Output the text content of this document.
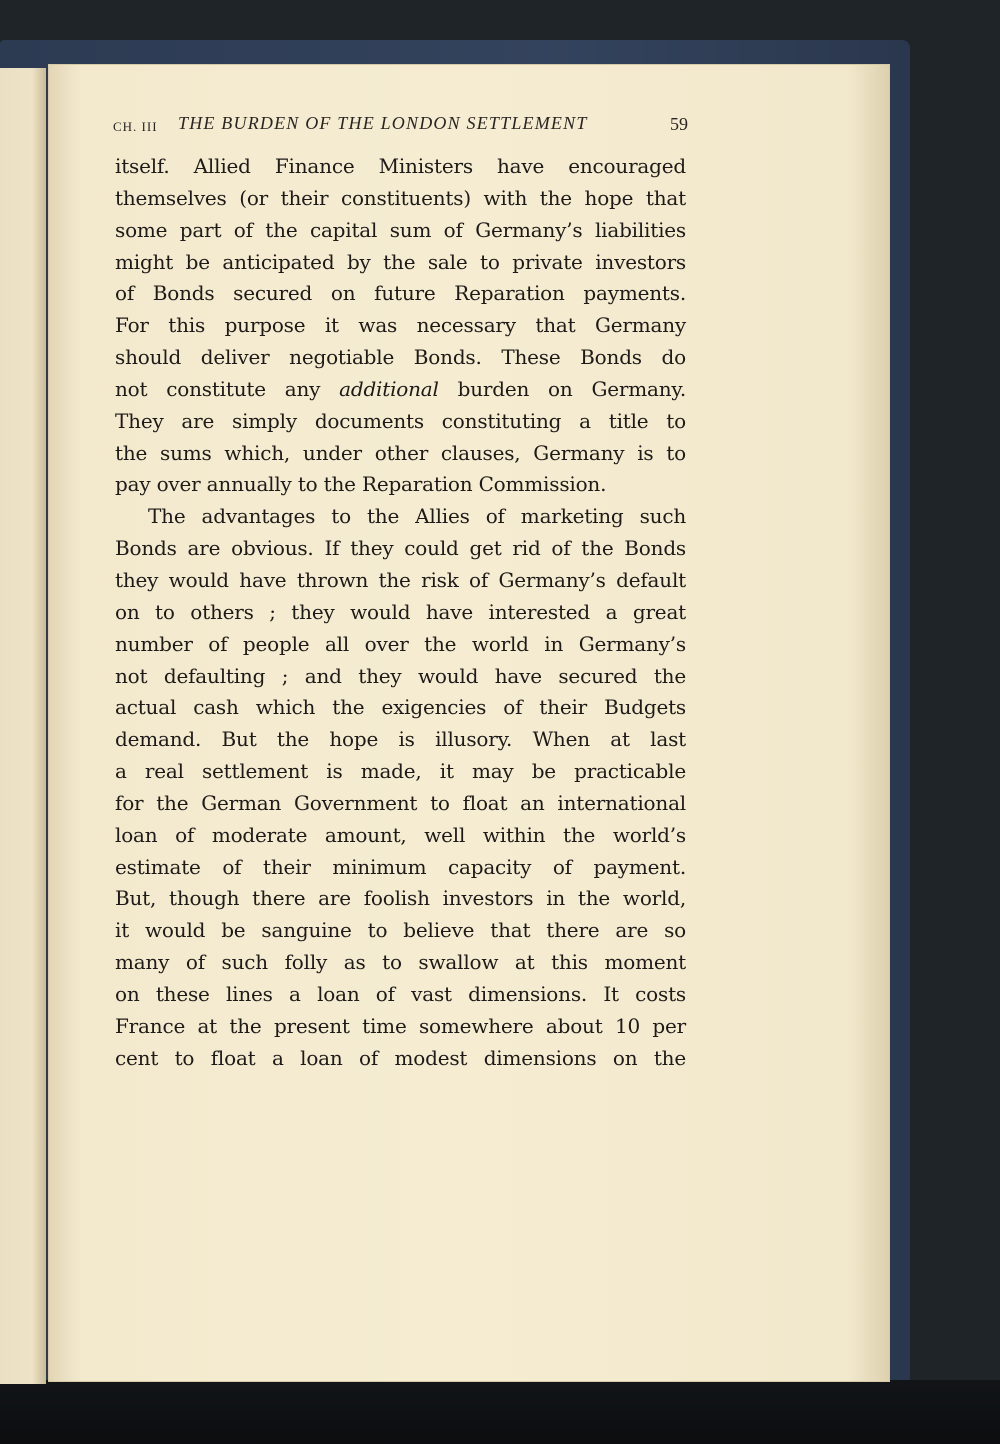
CH. III THE BURDEN OF THE LONDON SETTLEMENT	59
itself. Allied Finance Ministers have encouraged
themselves (or their constituents) with the hope that
some part of the capital sum of Germany’s liabilities
might be anticipated by the sale to private investors
of Bonds secured on future Reparation payments.
For this purpose it was necessary that Germany
should deliver negotiable Bonds. These Bonds do
not constitute any additional burden on Germany.
They are simply documents constituting a title to
the sums which, under other clauses, Germany is to
pay over annually to the Reparation Commission.
The advantages to the Allies of marketing such
Bonds are obvious. If they could get rid of the Bonds
they would have thrown the risk of Germany’s default
on to others ; they would have interested a great
number of people all over the world in Germany’s
not defaulting ; and they would have secured the
actual cash which the exigencies of their Budgets
demand. But the hope is illusory. When at last
a real settlement is made, it may be practicable
for the German Government to float an international
loan of moderate amount, well within the world’s
estimate of their minimum capacity of payment.
But, though there are foolish investors in the world,
it would be sanguine to believe that there are so
many of such folly as to swallow at this moment
on these lines a loan of vast dimensions. It costs
France at the present time somewhere about 10 per
cent to float a loan of modest dimensions on the
